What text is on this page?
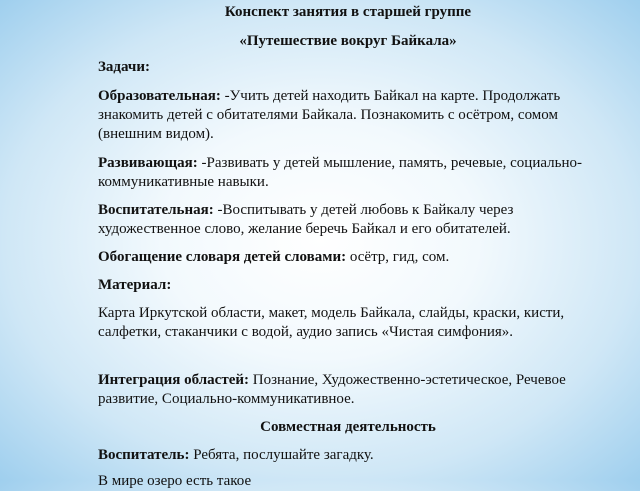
Конспект занятия в старшей группе
«Путешествие вокруг Байкала»
Задачи:
Образовательная: -Учить детей находить Байкал на карте. Продолжать знакомить детей с обитателями Байкала. Познакомить с осётром, сомом (внешним видом).
Развивающая: -Развивать у детей мышление, память, речевые, социально-коммуникативные навыки.
Воспитательная: -Воспитывать у детей любовь к Байкалу через художественное слово, желание беречь Байкал и его обитателей.
Обогащение словаря детей словами: осётр, гид, сом.
Материал:
Карта Иркутской области, макет, модель Байкала, слайды, краски, кисти, салфетки, стаканчики с водой, аудио запись «Чистая симфония».
Интеграция областей: Познание, Художественно-эстетическое, Речевое развитие, Социально-коммуникативное.
Совместная деятельность
Воспитатель: Ребята, послушайте загадку.
В мире озеро есть такое
